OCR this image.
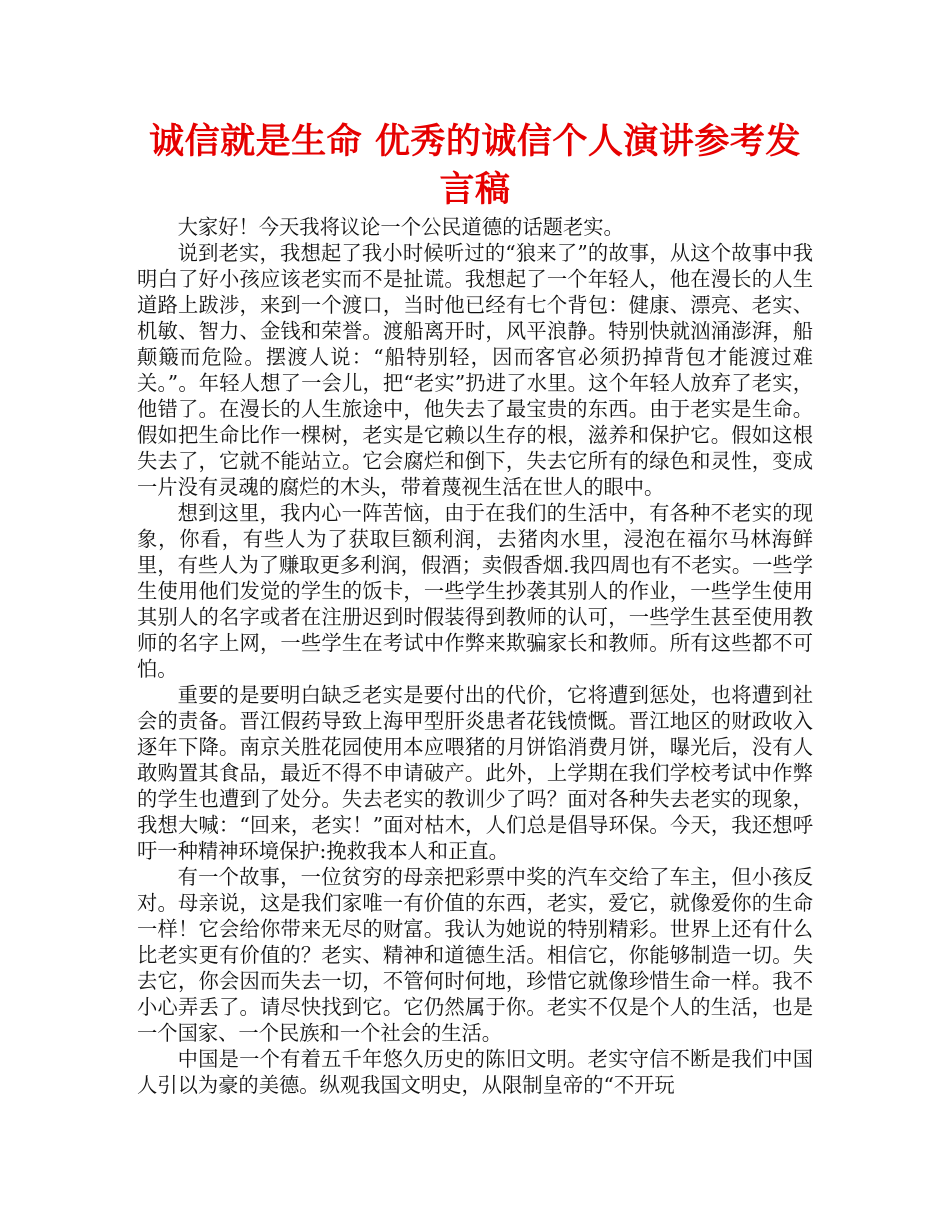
诚信就是生命 优秀的诚信个人演讲参考发言稿

大家好！今天我将议论一个公民道德的话题老实。

说到老实，我想起了我小时候听过的“狼来了”的故事，从这个故事中我明白了好小孩应该老实而不是扯谎。我想起了一个年轻人，他在漫长的人生道路上跋涉，来到一个渡口，当时他已经有七个背包：健康、漂亮、老实、机敏、智力、金钱和荣誉。渡船离开时，风平浪静。特别快就汹涌澎湃，船颠簸而危险。摆渡人说：“船特别轻，因而客官必须扔掉背包才能渡过难关。”。年轻人想了一会儿，把“老实”扔进了水里。这个年轻人放弃了老实，他错了。在漫长的人生旅途中，他失去了最宝贵的东西。由于老实是生命。假如把生命比作一棵树，老实是它赖以生存的根，滋养和保护它。假如这根失去了，它就不能站立。它会腐烂和倒下，失去它所有的绿色和灵性，变成一片没有灵魂的腐烂的木头，带着蔑视生活在世人的眼中。

想到这里，我内心一阵苦恼，由于在我们的生活中，有各种不老实的现象，你看，有些人为了获取巨额利润，去猪肉水里，浸泡在福尔马林海鲜里，有些人为了赚取更多利润，假酒；卖假香烟.我四周也有不老实。一些学生使用他们发觉的学生的饭卡，一些学生抄袭其别人的作业，一些学生使用其别人的名字或者在注册迟到时假装得到教师的认可，一些学生甚至使用教师的名字上网，一些学生在考试中作弊来欺骗家长和教师。所有这些都不可怕。

重要的是要明白缺乏老实是要付出的代价，它将遭到惩处，也将遭到社会的责备。晋江假药导致上海甲型肝炎患者花钱愤慨。晋江地区的财政收入逐年下降。南京关胜花园使用本应喂猪的月饼馅消费月饼，曝光后，没有人敢购置其食品，最近不得不申请破产。此外，上学期在我们学校考试中作弊的学生也遭到了处分。失去老实的教训少了吗？面对各种失去老实的现象，我想大喊：“回来，老实！”面对枯木，人们总是倡导环保。今天，我还想呼吁一种精神环境保护:挽救我本人和正直。

有一个故事，一位贫穷的母亲把彩票中奖的汽车交给了车主，但小孩反对。母亲说，这是我们家唯一有价值的东西，老实，爱它，就像爱你的生命一样！它会给你带来无尽的财富。我认为她说的特别精彩。世界上还有什么比老实更有价值的？老实、精神和道德生活。相信它，你能够制造一切。失去它，你会因而失去一切，不管何时何地，珍惜它就像珍惜生命一样。我不小心弄丢了。请尽快找到它。它仍然属于你。老实不仅是个人的生活，也是一个国家、一个民族和一个社会的生活。

中国是一个有着五千年悠久历史的陈旧文明。老实守信不断是我们中国人引以为豪的美德。纵观我国文明史，从限制皇帝的“不开玩
